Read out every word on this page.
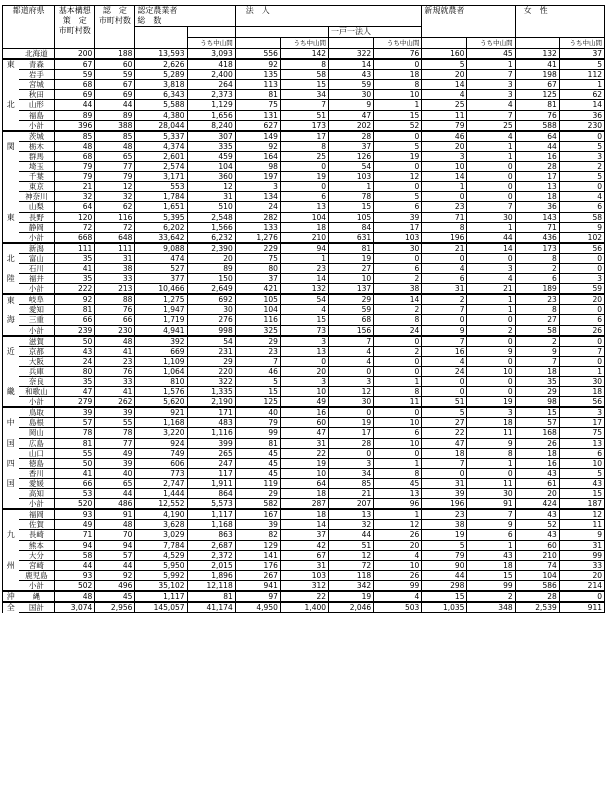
都道府県		基本構想
策　定
市町村数	認　定
市町村数	認定農業者
総　数		法　人				新規就農者		女　性	
								一戸一法人					
					うち中山間		うち中山間		うち中山間		うち中山間		うち中山間
	北海道	200	188	13,593	3,093	556	142	322	76	160	45	132	37
東	青森	67	60	2,626	418	92	8	14	0	5	1	41	5
	岩手	59	59	5,289	2,400	135	58	43	18	20	7	198	112
	宮城	68	67	3,818	264	113	15	59	8	14	3	67	1
	秋田	69	69	6,343	2,373	81	34	30	10	4	3	125	62
北	山形	44	44	5,588	1,129	75	7	9	1	25	4	81	14
	福島	89	89	4,380	1,656	131	51	47	15	11	7	76	36
	小計	396	388	28,044	8,240	627	173	202	52	79	25	588	230
	茨城	85	85	5,337	307	149	17	28	0	46	4	64	0
関	栃木	48	48	4,374	335	92	8	37	5	20	1	44	5
	群馬	68	65	2,601	459	164	25	126	19	3	1	16	3
	埼玉	79	77	2,574	104	98	0	54	0	10	0	28	2
	千葉	79	79	3,171	360	197	19	103	12	14	0	17	5
	東京	21	12	553	12	3	0	1	0	1	0	13	0
	神奈川	32	32	1,784	31	134	6	78	5	0	0	18	4
	山梨	64	62	1,651	510	24	13	15	6	23	7	36	6
東	長野	120	116	5,395	2,548	282	104	105	39	71	30	143	58
	静岡	72	72	6,202	1,566	133	18	84	17	8	1	71	9
	小計	668	648	33,642	6,232	1,276	210	631	103	196	44	436	102
	新潟	111	111	9,088	2,390	229	94	81	30	21	14	173	56
北	富山	35	31	474	20	75	1	19	0	0	0	8	0
	石川	41	38	527	89	80	23	27	6	4	3	2	0
陸	福井	35	33	377	150	37	14	10	2	6	4	6	3
	小計	222	213	10,466	2,649	421	132	137	38	31	21	189	59
東	岐阜	92	88	1,275	692	105	54	29	14	2	1	23	20
	愛知	81	76	1,947	30	104	4	59	2	7	1	8	0
海	三重	66	66	1,719	276	116	15	68	8	0	0	27	6
	小計	239	230	4,941	998	325	73	156	24	9	2	58	26
	滋賀	50	48	392	54	29	3	7	0	7	0	2	0
近	京都	43	41	669	231	23	13	4	2	16	9	9	7
	大阪	24	23	1,109	29	7	0	4	0	4	0	7	0
	兵庫	80	76	1,064	220	46	20	0	0	24	10	18	1
	奈良	35	33	810	322	5	3	3	1	0	0	35	30
畿	和歌山	47	41	1,576	1,335	15	10	12	8	0	0	29	18
	小計	279	262	5,620	2,190	125	49	30	11	51	19	98	56
	鳥取	39	39	921	171	40	16	0	0	5	3	15	3
中	島根	57	55	1,168	483	79	60	19	10	27	18	57	17
	岡山	78	78	3,220	1,116	99	47	17	6	22	11	168	75
国	広島	81	77	924	399	81	31	28	10	47	9	26	13
	山口	55	49	749	265	45	22	0	0	18	8	18	6
四	徳島	50	39	606	247	45	19	3	1	7	1	16	10
	香川	41	40	773	117	45	10	34	8	0	0	43	5
国	愛媛	66	65	2,747	1,911	119	64	85	45	31	11	61	43
	高知	53	44	1,444	864	29	18	21	13	39	30	20	15
	小計	520	486	12,552	5,573	582	287	207	96	196	91	424	187
	福岡	93	91	4,190	1,117	167	18	13	1	23	7	43	12
	佐賀	49	48	3,628	1,168	39	14	32	12	38	9	52	11
九	長崎	71	70	3,029	863	82	37	44	26	19	6	43	9
	熊本	94	94	7,784	2,687	129	42	51	20	5	1	60	31
	大分	58	57	4,529	2,372	141	67	12	4	79	43	210	99
州	宮崎	44	44	5,950	2,015	176	31	72	10	90	18	74	33
	鹿児島	93	92	5,992	1,896	267	103	118	26	44	15	104	20
	小計	502	496	35,102	12,118	941	312	342	99	298	99	586	214
沖	縄	48	45	1,117	81	97	22	19	4	15	2	28	0
全	国計	3,074	2,956	145,057	41,174	4,950	1,400	2,046	503	1,035	348	2,539	911
